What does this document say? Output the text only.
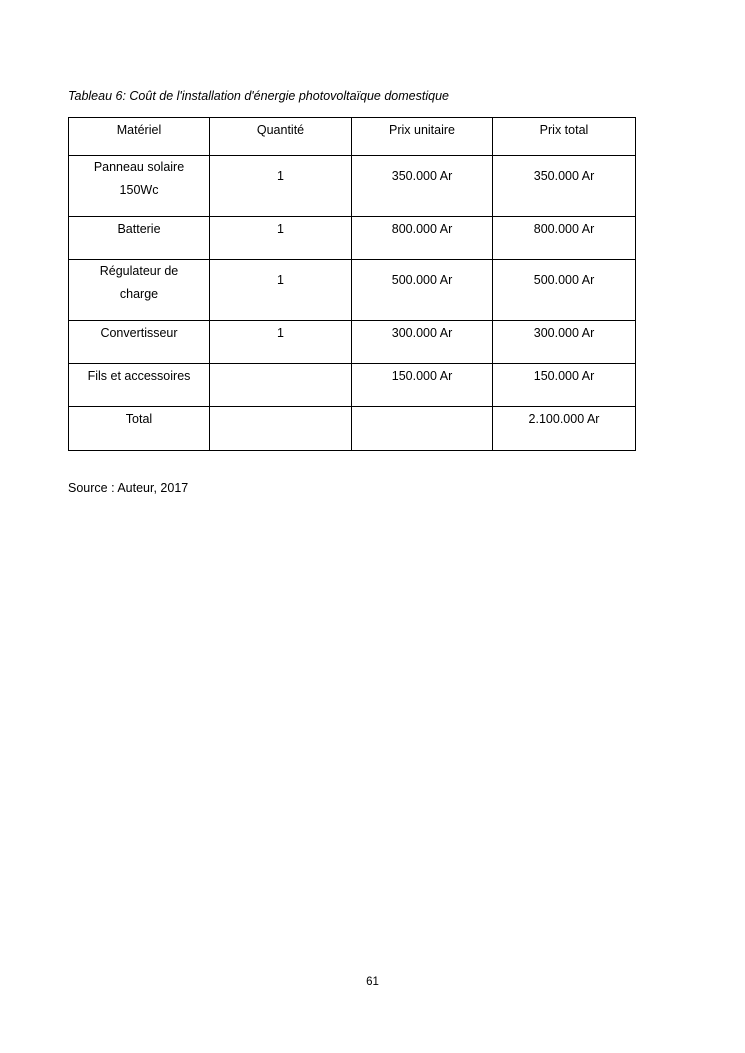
Tableau 6: Coût de l'installation d'énergie photovoltaïque domestique
Matériel	Quantité	Prix unitaire	Prix total
Panneau solaire
150Wc	1	350.000 Ar	350.000 Ar
Batterie	1	800.000 Ar	800.000 Ar
Régulateur de
charge	1	500.000 Ar	500.000 Ar
Convertisseur	1	300.000 Ar	300.000 Ar
Fils et accessoires		150.000 Ar	150.000 Ar
Total			2.100.000 Ar
Source : Auteur, 2017
61
